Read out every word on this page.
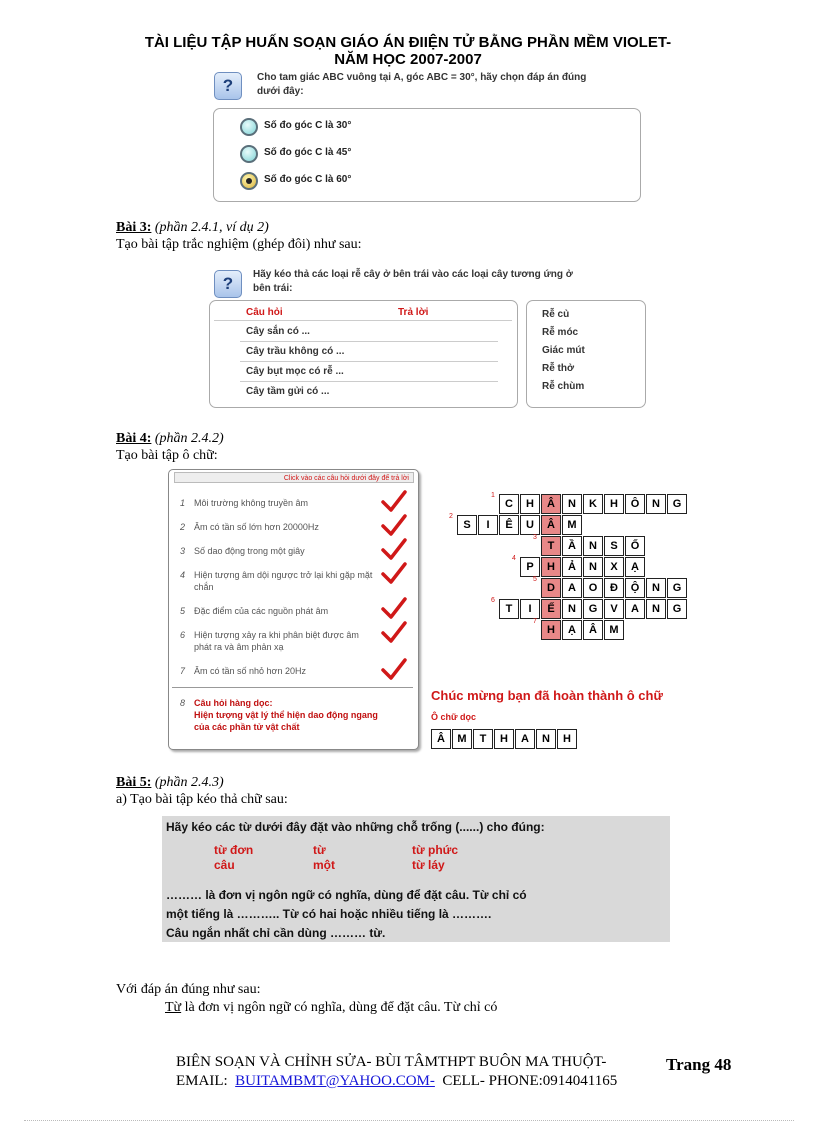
TÀI LIỆU TẬP HUẤN SOẠN GIÁO ÁN ĐIIỆN TỬ BẰNG PHẦN MỀM VIOLET-
NĂM HỌC 2007-2007
?	Cho tam giác ABC vuông tại A, góc ABC = 30°, hãy chọn đáp án đúng
dưới đây:
Số đo góc C là 30°
Số đo góc C là 45°
Số đo góc C là 60°
Bài 3: (phần 2.4.1, ví dụ 2)
Tạo bài tập trắc nghiệm (ghép đôi) như sau:
?	Hãy kéo thả các loại rễ cây ở bên trái vào các loại cây tương ứng ở
bên trái:
Câu hỏi	Trả lời
Cây sắn có ...
Cây trầu không có ...
Cây bụt mọc có rễ ...
Cây tầm gửi có ...
Rễ củ
Rễ móc
Giác mút
Rễ thở
Rễ chùm
Bài 4: (phần 2.4.2)
Tạo bài tập ô chữ:
Click vào các câu hỏi dưới đây để trả lời
1 Môi trường không truyền âm
2 Âm có tần số lớn hơn 20000Hz
3 Số dao động trong một giây
4 Hiện tượng âm dội ngược trở lại khi gặp mặt chắn
5 Đặc điểm của các nguồn phát âm
6 Hiện tượng xảy ra khi phân biệt được âm phát ra và âm phản xạ
7 Âm có tần số nhỏ hơn 20Hz
8 Câu hỏi hàng dọc:
Hiện tượng vật lý thể hiện dao động ngang của các phần tử vật chất
1
C	H	Â	N	K	H	Ô	N	G
2
S	I	Ê	U	Â	M
3
T	Ầ	N	S	Ố
4
P	H	Ả	N	X	Ạ
5
D	A	O	Đ	Ộ	N	G
6
T	I	Ế	N	G	V	A	N	G
7
H	Ạ	Â	M
Chúc mừng bạn đã hoàn thành ô chữ
Ô chữ dọc
Â	M	T	H	A	N	H
Bài 5: (phần 2.4.3)
a) Tạo bài tập kéo thả chữ sau:
Hãy kéo các từ dưới đây đặt vào những chỗ trống (......) cho đúng:
từ đơn	từ	từ phức
câu	một	từ láy
……… là đơn vị ngôn ngữ có nghĩa, dùng để đặt câu. Từ chỉ có
một tiếng là ……….. Từ có hai hoặc nhiều tiếng là ……….
Câu ngắn nhất chỉ cần dùng ……… từ.
Với đáp án đúng như sau:
Từ là đơn vị ngôn ngữ có nghĩa, dùng để đặt câu. Từ chỉ có
BIÊN SOẠN VÀ CHỈNH SỬA- BÙI TÂMTHPT BUÔN MA THUỘT-
EMAIL: BUITAMBMT@YAHOO.COM- CELL- PHONE:0914041165
Trang 48
